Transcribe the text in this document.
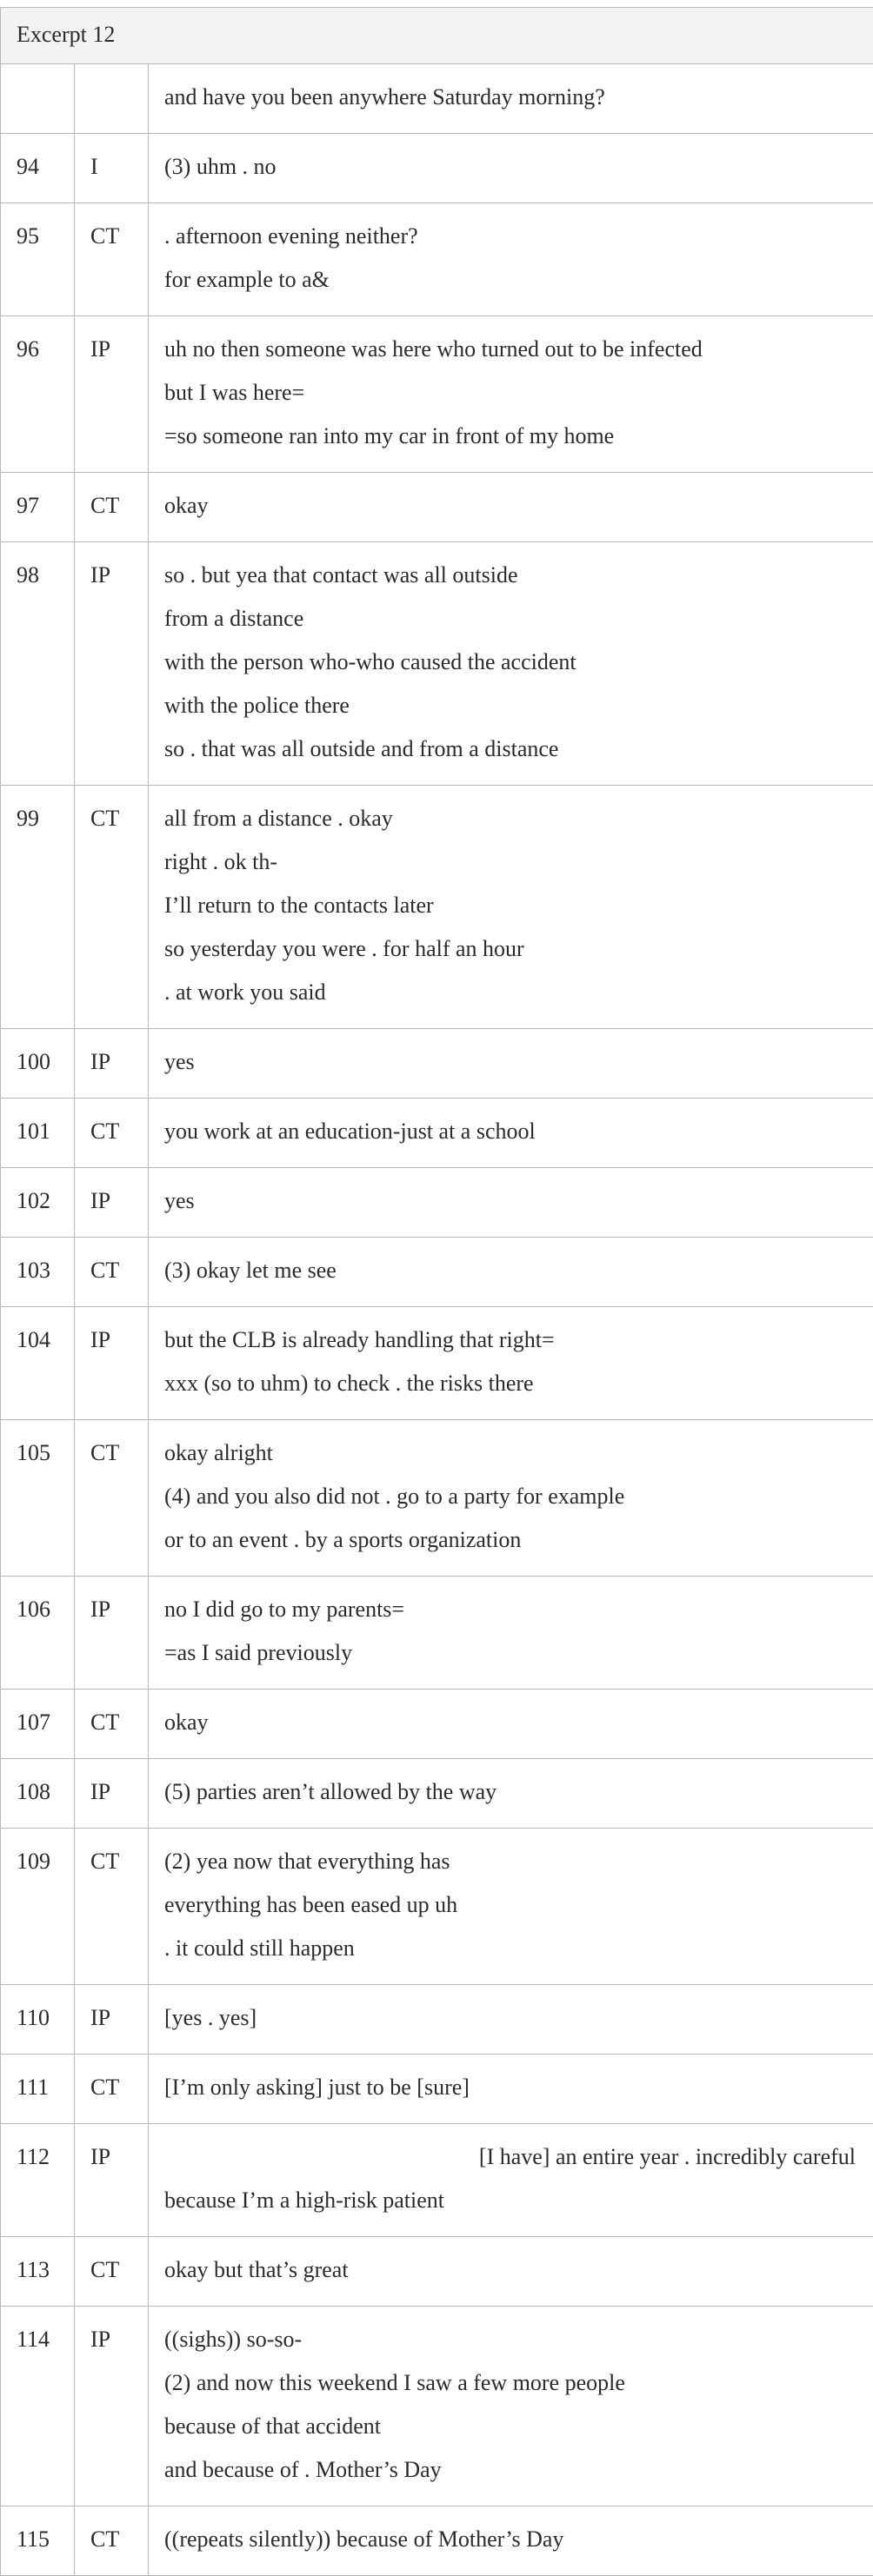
Excerpt 12		

		and have you been anywhere Saturday morning?

94	I	(3) uhm . no

95	CT	. afternoon evening neither?
for example to a&

96	IP	uh no then someone was here who turned out to be infected
but I was here=
=so someone ran into my car in front of my home

97	CT	okay

98	IP	so . but yea that contact was all outside
from a distance
with the person who-who caused the accident
with the police there
so . that was all outside and from a distance

99	CT	all from a distance . okay
right . ok th-
I’ll return to the contacts later
so yesterday you were . for half an hour
. at work you said

100	IP	yes

101	CT	you work at an education-just at a school

102	IP	yes

103	CT	(3) okay let me see

104	IP	but the CLB is already handling that right=
xxx (so to uhm) to check . the risks there

105	CT	okay alright
(4) and you also did not . go to a party for example
or to an event . by a sports organization

106	IP	no I did go to my parents=
=as I said previously

107	CT	okay

108	IP	(5) parties aren’t allowed by the way

109	CT	(2) yea now that everything has
everything has been eased up uh
. it could still happen

110	IP	[yes . yes]

111	CT	[I’m only asking] just to be [sure]

112	IP	[I have] an entire year . incredibly careful
because I’m a high-risk patient

113	CT	okay but that’s great

114	IP	((sighs)) so-so-
(2) and now this weekend I saw a few more people
because of that accident
and because of . Mother’s Day

115	CT	((repeats silently)) because of Mother’s Day
